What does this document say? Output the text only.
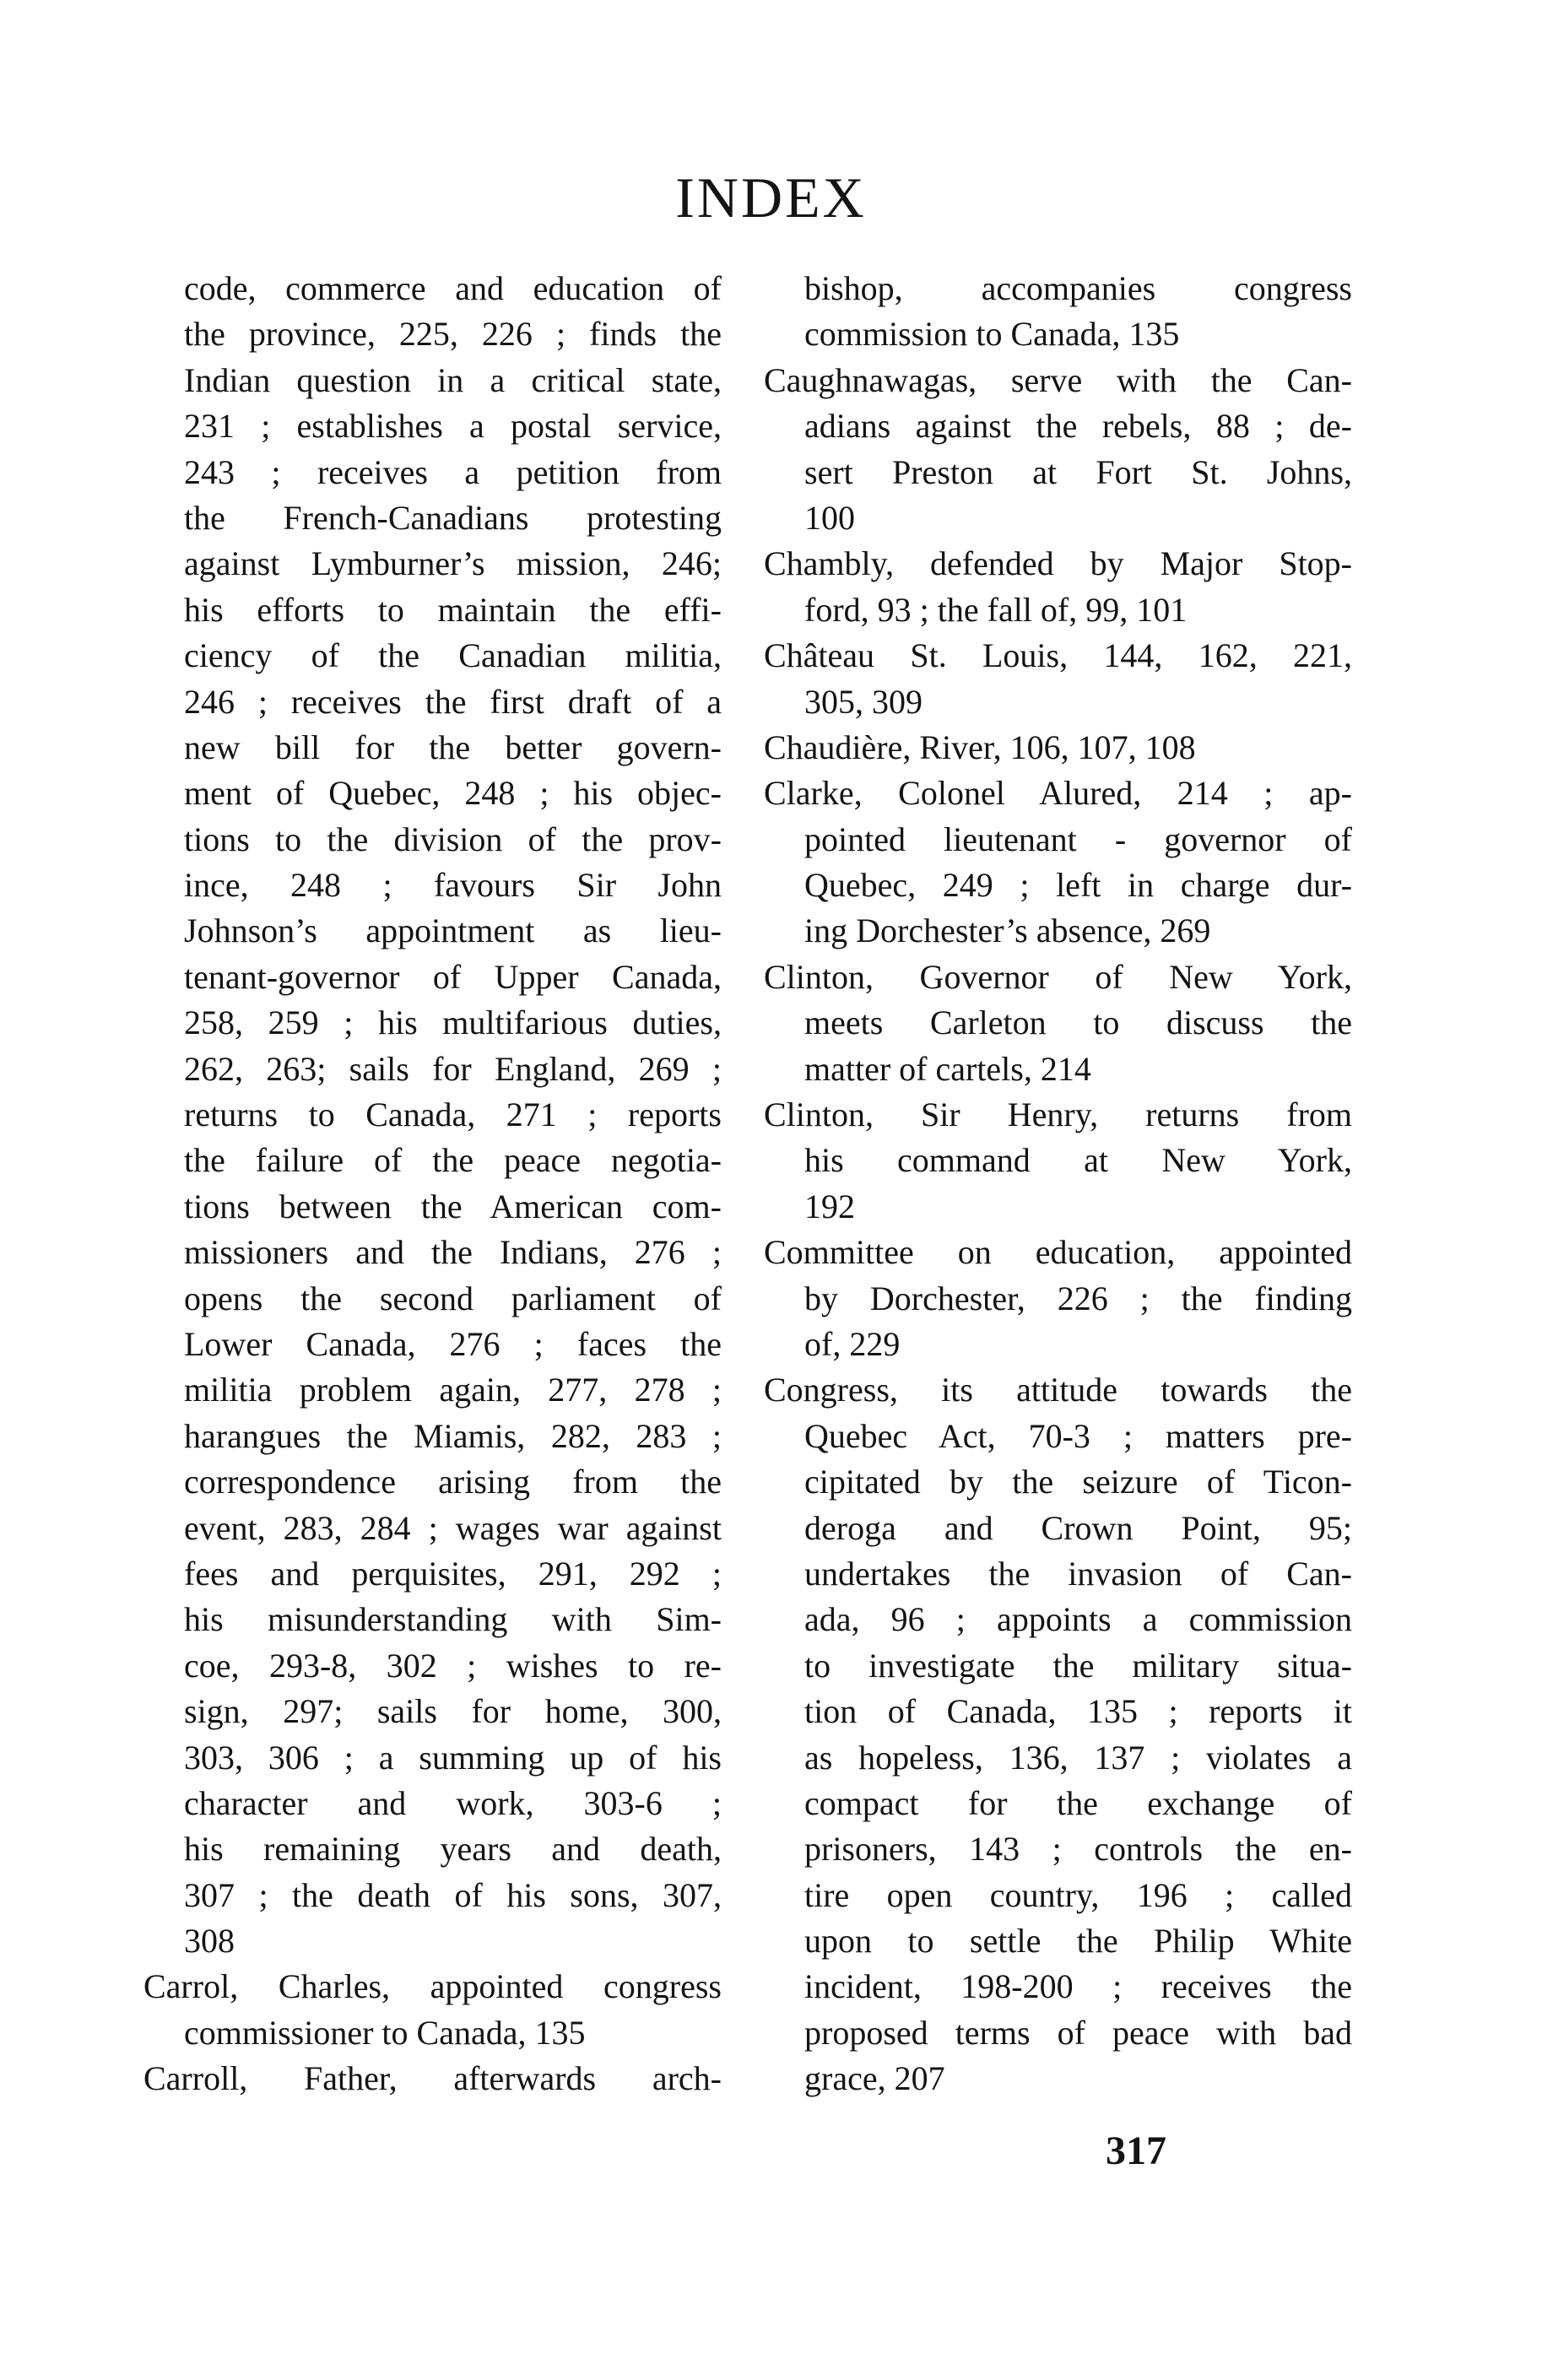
INDEX
code, commerce and education of
the province, 225, 226 ; finds the
Indian question in a critical state,
231 ; establishes a postal service,
243 ; receives a petition from
the French-Canadians protesting
against Lymburner’s mission, 246;
his efforts to maintain the effi-
ciency of the Canadian militia,
246 ; receives the first draft of a
new bill for the better govern-
ment of Quebec, 248 ; his objec-
tions to the division of the prov-
ince, 248 ; favours Sir John
Johnson’s appointment as lieu-
tenant-governor of Upper Canada,
258, 259 ; his multifarious duties,
262, 263; sails for England, 269 ;
returns to Canada, 271 ; reports
the failure of the peace negotia-
tions between the American com-
missioners and the Indians, 276 ;
opens the second parliament of
Lower Canada, 276 ; faces the
militia problem again, 277, 278 ;
harangues the Miamis, 282, 283 ;
correspondence arising from the
event, 283, 284 ; wages war against
fees and perquisites, 291, 292 ;
his misunderstanding with Sim-
coe, 293-8, 302 ; wishes to re-
sign, 297; sails for home, 300,
303, 306 ; a summing up of his
character and work, 303-6 ;
his remaining years and death,
307 ; the death of his sons, 307,
308
Carrol, Charles, appointed congress
commissioner to Canada, 135
Carroll, Father, afterwards arch-
bishop, accompanies congress
commission to Canada, 135
Caughnawagas, serve with the Can-
adians against the rebels, 88 ; de-
sert Preston at Fort St. Johns,
100
Chambly, defended by Major Stop-
ford, 93 ; the fall of, 99, 101
Château St. Louis, 144, 162, 221,
305, 309
Chaudière, River, 106, 107, 108
Clarke, Colonel Alured, 214 ; ap-
pointed lieutenant - governor of
Quebec, 249 ; left in charge dur-
ing Dorchester’s absence, 269
Clinton, Governor of New York,
meets Carleton to discuss the
matter of cartels, 214
Clinton, Sir Henry, returns from
his command at New York,
192
Committee on education, appointed
by Dorchester, 226 ; the finding
of, 229
Congress, its attitude towards the
Quebec Act, 70-3 ; matters pre-
cipitated by the seizure of Ticon-
deroga and Crown Point, 95;
undertakes the invasion of Can-
ada, 96 ; appoints a commission
to investigate the military situa-
tion of Canada, 135 ; reports it
as hopeless, 136, 137 ; violates a
compact for the exchange of
prisoners, 143 ; controls the en-
tire open country, 196 ; called
upon to settle the Philip White
incident, 198-200 ; receives the
proposed terms of peace with bad
grace, 207
317
